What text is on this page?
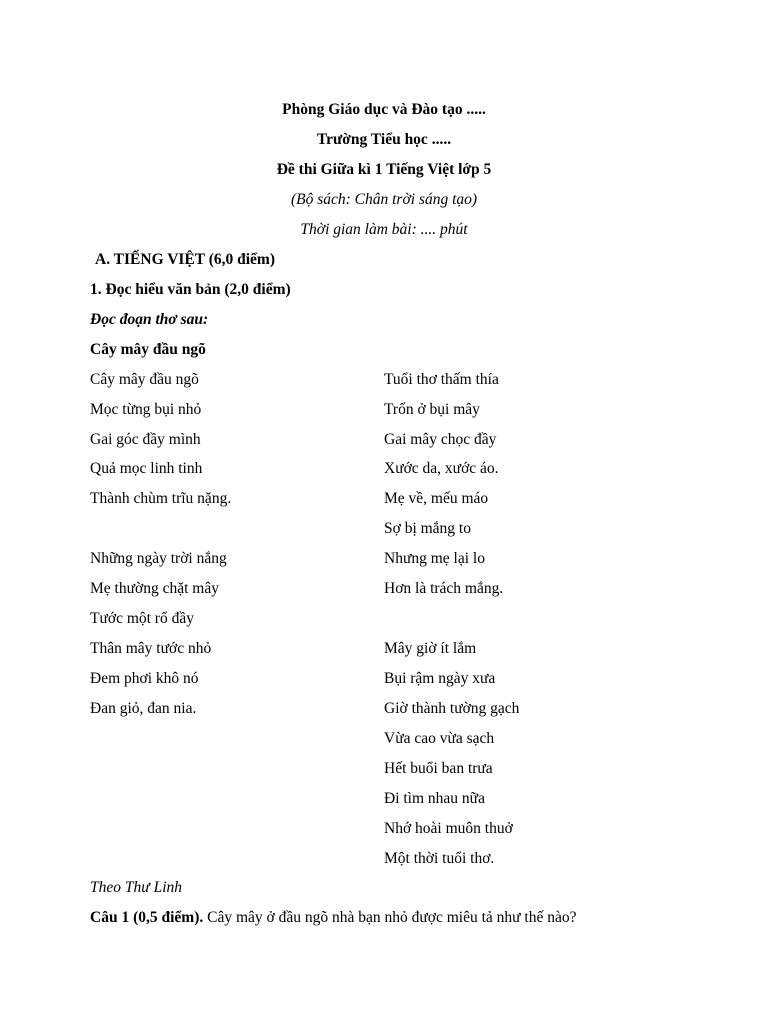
Phòng Giáo dục và Đào tạo .....
Trường Tiểu học .....
Đề thi Giữa kì 1 Tiếng Việt lớp 5
(Bộ sách: Chân trời sáng tạo)
Thời gian làm bài: .... phút
A. TIẾNG VIỆT (6,0 điểm)
1. Đọc hiểu văn bản (2,0 điểm)
Đọc đoạn thơ sau:
Cây mây đầu ngõ
Cây mây đầu ngõ
Mọc từng bụi nhỏ
Gai góc đầy mình
Quả mọc linh tinh
Thành chùm trĩu nặng.
Những ngày trời nắng
Mẹ thường chặt mây
Tước một rổ đầy
Thân mây tước nhỏ
Đem phơi khô nó
Đan giỏ, đan nia.
Tuổi thơ thấm thía
Trốn ở bụi mây
Gai mây chọc đầy
Xước da, xước áo.
Mẹ về, mếu máo
Sợ bị mắng to
Nhưng mẹ lại lo
Hơn là trách mắng.
Mây giờ ít lắm
Bụi rậm ngày xưa
Giờ thành tường gạch
Vừa cao vừa sạch
Hết buổi ban trưa
Đi tìm nhau nữa
Nhớ hoài muôn thuở
Một thời tuổi thơ.
Theo Thư Linh
Câu 1 (0,5 điểm). Cây mây ở đầu ngõ nhà bạn nhỏ được miêu tả như thế nào?
